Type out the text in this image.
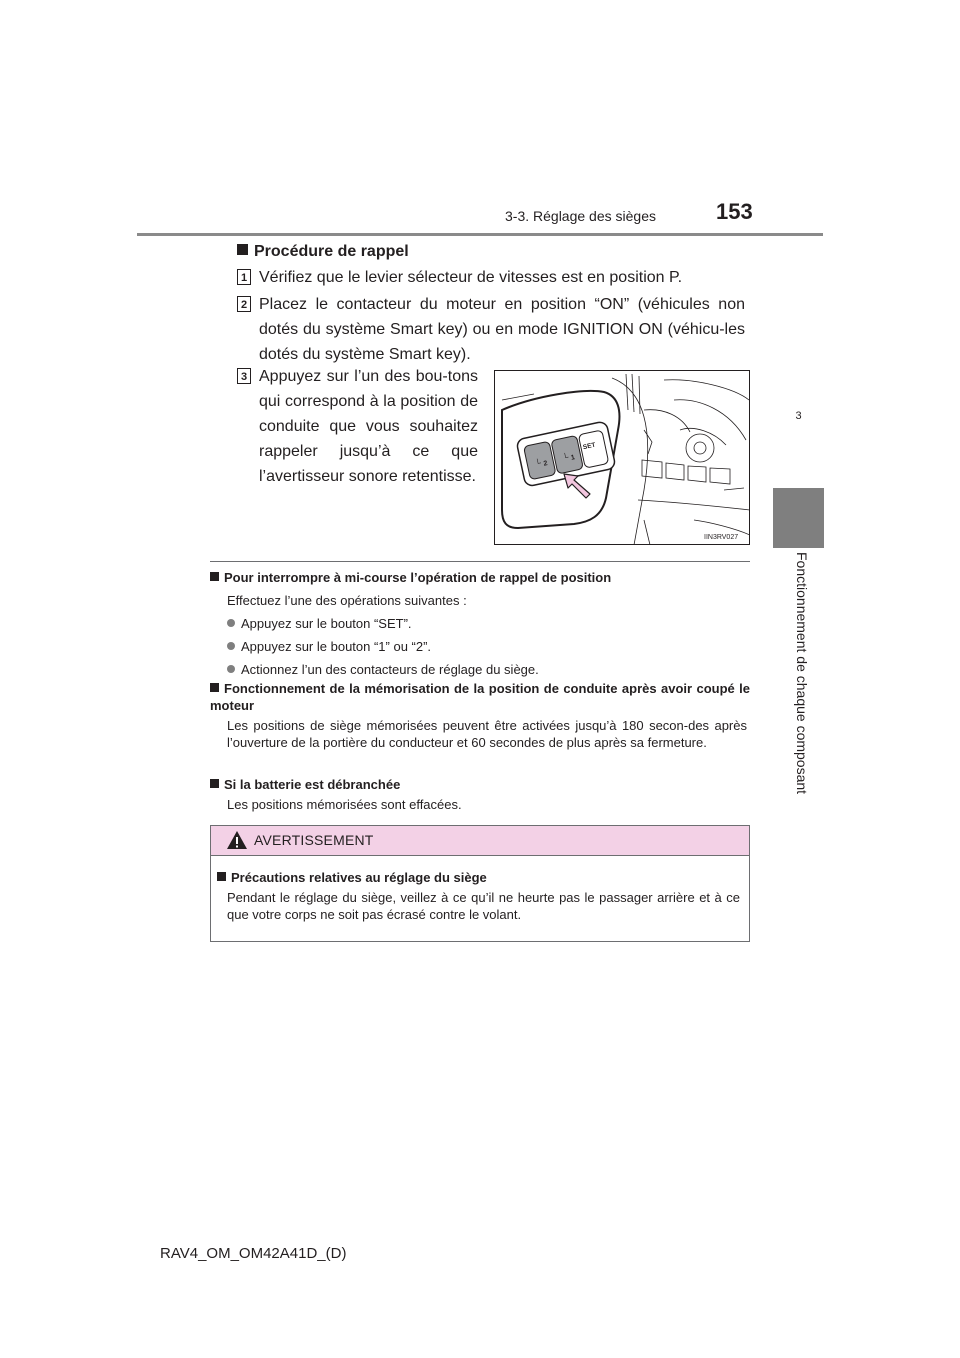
3-3. Réglage des sièges	153
3
Fonctionnement de chaque composant
Procédure de rappel
1 Vérifiez que le levier sélecteur de vitesses est en position P.
2 Placez le contacteur du moteur en position “ON” (véhicules non dotés du système Smart key) ou en mode IGNITION ON (véhicu-les dotés du système Smart key).
3 Appuyez sur l’un des bou-tons qui correspond à la position de conduite que vous souhaitez rappeler jusqu’à ce que l’avertisseur sonore retentisse.
└ 2
└ 1
SET
IIN3RV027
Pour interrompre à mi-course l’opération de rappel de position
Effectuez l’une des opérations suivantes :
Appuyez sur le bouton “SET”.
Appuyez sur le bouton “1” ou “2”.
Actionnez l’un des contacteurs de réglage du siège.
Fonctionnement de la mémorisation de la position de conduite après avoir coupé le moteur
Les positions de siège mémorisées peuvent être activées jusqu’à 180 secon-des après l’ouverture de la portière du conducteur et 60 secondes de plus après sa fermeture.
Si la batterie est débranchée
Les positions mémorisées sont effacées.
AVERTISSEMENT
Précautions relatives au réglage du siège
Pendant le réglage du siège, veillez à ce qu’il ne heurte pas le passager arrière et à ce que votre corps ne soit pas écrasé contre le volant.
RAV4_OM_OM42A41D_(D)
